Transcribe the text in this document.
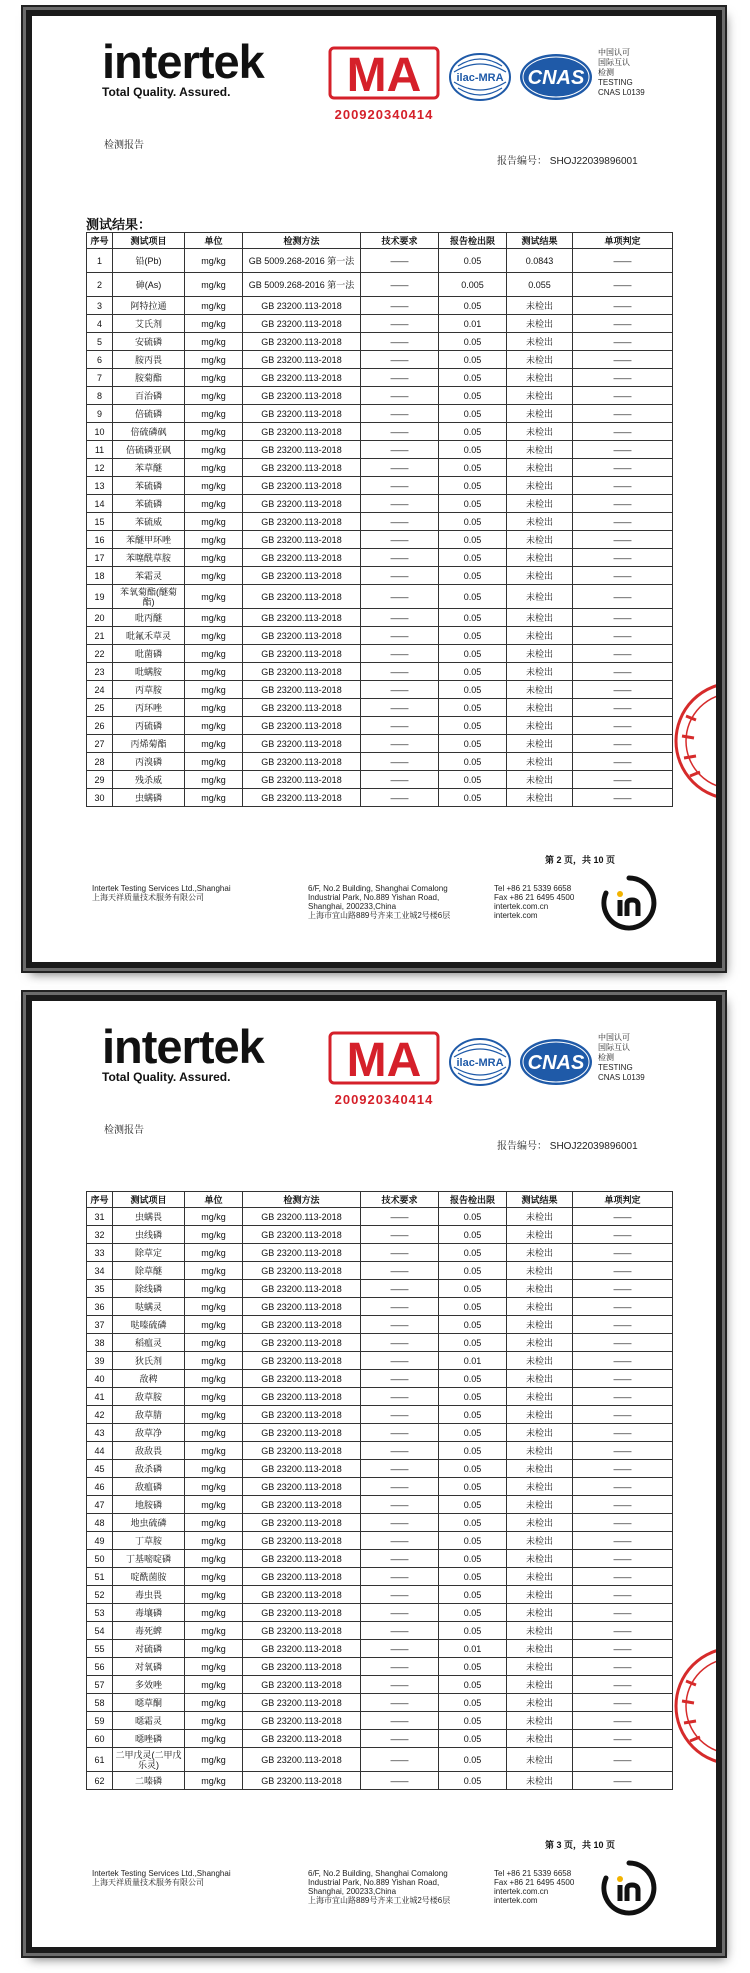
intertek
Total Quality. Assured.	MA
200920340414
ilac-MRA CNAS
中国认可
国际互认
检测
TESTING
CNAS L0139
检测报告
报告编号： SHOJ22039896001
测试结果：
序号	测试项目	单位	检测方法	技术要求	报告检出限	测试结果	单项判定
1	铅(Pb)	mg/kg	GB 5009.268-2016 第一法	——	0.05	0.0843	——
2	砷(As)	mg/kg	GB 5009.268-2016 第一法	——	0.005	0.055	——
3	阿特拉通	mg/kg	GB 23200.113-2018	——	0.05	未检出	——
4	艾氏剂	mg/kg	GB 23200.113-2018	——	0.01	未检出	——
5	安硫磷	mg/kg	GB 23200.113-2018	——	0.05	未检出	——
6	胺丙畏	mg/kg	GB 23200.113-2018	——	0.05	未检出	——
7	胺菊酯	mg/kg	GB 23200.113-2018	——	0.05	未检出	——
8	百治磷	mg/kg	GB 23200.113-2018	——	0.05	未检出	——
9	倍硫磷	mg/kg	GB 23200.113-2018	——	0.05	未检出	——
10	倍硫磷砜	mg/kg	GB 23200.113-2018	——	0.05	未检出	——
11	倍硫磷亚砜	mg/kg	GB 23200.113-2018	——	0.05	未检出	——
12	苯草醚	mg/kg	GB 23200.113-2018	——	0.05	未检出	——
13	苯硫磷	mg/kg	GB 23200.113-2018	——	0.05	未检出	——
14	苯硫磷	mg/kg	GB 23200.113-2018	——	0.05	未检出	——
15	苯硫威	mg/kg	GB 23200.113-2018	——	0.05	未检出	——
16	苯醚甲环唑	mg/kg	GB 23200.113-2018	——	0.05	未检出	——
17	苯噻酰草胺	mg/kg	GB 23200.113-2018	——	0.05	未检出	——
18	苯霜灵	mg/kg	GB 23200.113-2018	——	0.05	未检出	——
19	苯氧菊酯(醚菊酯)	mg/kg	GB 23200.113-2018	——	0.05	未检出	——
20	吡丙醚	mg/kg	GB 23200.113-2018	——	0.05	未检出	——
21	吡氟禾草灵	mg/kg	GB 23200.113-2018	——	0.05	未检出	——
22	吡菌磷	mg/kg	GB 23200.113-2018	——	0.05	未检出	——
23	吡螨胺	mg/kg	GB 23200.113-2018	——	0.05	未检出	——
24	丙草胺	mg/kg	GB 23200.113-2018	——	0.05	未检出	——
25	丙环唑	mg/kg	GB 23200.113-2018	——	0.05	未检出	——
26	丙硫磷	mg/kg	GB 23200.113-2018	——	0.05	未检出	——
27	丙烯菊酯	mg/kg	GB 23200.113-2018	——	0.05	未检出	——
28	丙溴磷	mg/kg	GB 23200.113-2018	——	0.05	未检出	——
29	残杀威	mg/kg	GB 23200.113-2018	——	0.05	未检出	——
30	虫螨磷	mg/kg	GB 23200.113-2018	——	0.05	未检出	——
第 2 页，共 10 页
Intertek Testing Services Ltd.,Shanghai
上海天祥质量技术服务有限公司
6/F, No.2 Building, Shanghai Comalong
Industrial Park, No.889 Yishan Road,
Shanghai, 200233,China
上海市宜山路889号齐来工业城2号楼6层
Tel +86 21 5339 6658
Fax +86 21 6495 4500
intertek.com.cn
intertek.com
intertek
Total Quality. Assured.	MA
200920340414
ilac-MRA CNAS
中国认可
国际互认
检测
TESTING
CNAS L0139
检测报告
报告编号： SHOJ22039896001
序号	测试项目	单位	检测方法	技术要求	报告检出限	测试结果	单项判定
31	虫螨畏	mg/kg	GB 23200.113-2018	——	0.05	未检出	——
32	虫线磷	mg/kg	GB 23200.113-2018	——	0.05	未检出	——
33	除草定	mg/kg	GB 23200.113-2018	——	0.05	未检出	——
34	除草醚	mg/kg	GB 23200.113-2018	——	0.05	未检出	——
35	除线磷	mg/kg	GB 23200.113-2018	——	0.05	未检出	——
36	哒螨灵	mg/kg	GB 23200.113-2018	——	0.05	未检出	——
37	哒嗪硫磷	mg/kg	GB 23200.113-2018	——	0.05	未检出	——
38	稻瘟灵	mg/kg	GB 23200.113-2018	——	0.05	未检出	——
39	狄氏剂	mg/kg	GB 23200.113-2018	——	0.01	未检出	——
40	敌稗	mg/kg	GB 23200.113-2018	——	0.05	未检出	——
41	敌草胺	mg/kg	GB 23200.113-2018	——	0.05	未检出	——
42	敌草腈	mg/kg	GB 23200.113-2018	——	0.05	未检出	——
43	敌草净	mg/kg	GB 23200.113-2018	——	0.05	未检出	——
44	敌敌畏	mg/kg	GB 23200.113-2018	——	0.05	未检出	——
45	敌杀磷	mg/kg	GB 23200.113-2018	——	0.05	未检出	——
46	敌瘟磷	mg/kg	GB 23200.113-2018	——	0.05	未检出	——
47	地胺磷	mg/kg	GB 23200.113-2018	——	0.05	未检出	——
48	地虫硫磷	mg/kg	GB 23200.113-2018	——	0.05	未检出	——
49	丁草胺	mg/kg	GB 23200.113-2018	——	0.05	未检出	——
50	丁基嘧啶磷	mg/kg	GB 23200.113-2018	——	0.05	未检出	——
51	啶酰菌胺	mg/kg	GB 23200.113-2018	——	0.05	未检出	——
52	毒虫畏	mg/kg	GB 23200.113-2018	——	0.05	未检出	——
53	毒壤磷	mg/kg	GB 23200.113-2018	——	0.05	未检出	——
54	毒死蜱	mg/kg	GB 23200.113-2018	——	0.05	未检出	——
55	对硫磷	mg/kg	GB 23200.113-2018	——	0.01	未检出	——
56	对氧磷	mg/kg	GB 23200.113-2018	——	0.05	未检出	——
57	多效唑	mg/kg	GB 23200.113-2018	——	0.05	未检出	——
58	噁草酮	mg/kg	GB 23200.113-2018	——	0.05	未检出	——
59	噁霜灵	mg/kg	GB 23200.113-2018	——	0.05	未检出	——
60	噁唑磷	mg/kg	GB 23200.113-2018	——	0.05	未检出	——
61	二甲戊灵(二甲戊乐灵)	mg/kg	GB 23200.113-2018	——	0.05	未检出	——
62	二嗪磷	mg/kg	GB 23200.113-2018	——	0.05	未检出	——
第 3 页，共 10 页
Intertek Testing Services Ltd.,Shanghai
上海天祥质量技术服务有限公司
6/F, No.2 Building, Shanghai Comalong
Industrial Park, No.889 Yishan Road,
Shanghai, 200233,China
上海市宜山路889号齐来工业城2号楼6层
Tel +86 21 5339 6658
Fax +86 21 6495 4500
intertek.com.cn
intertek.com
